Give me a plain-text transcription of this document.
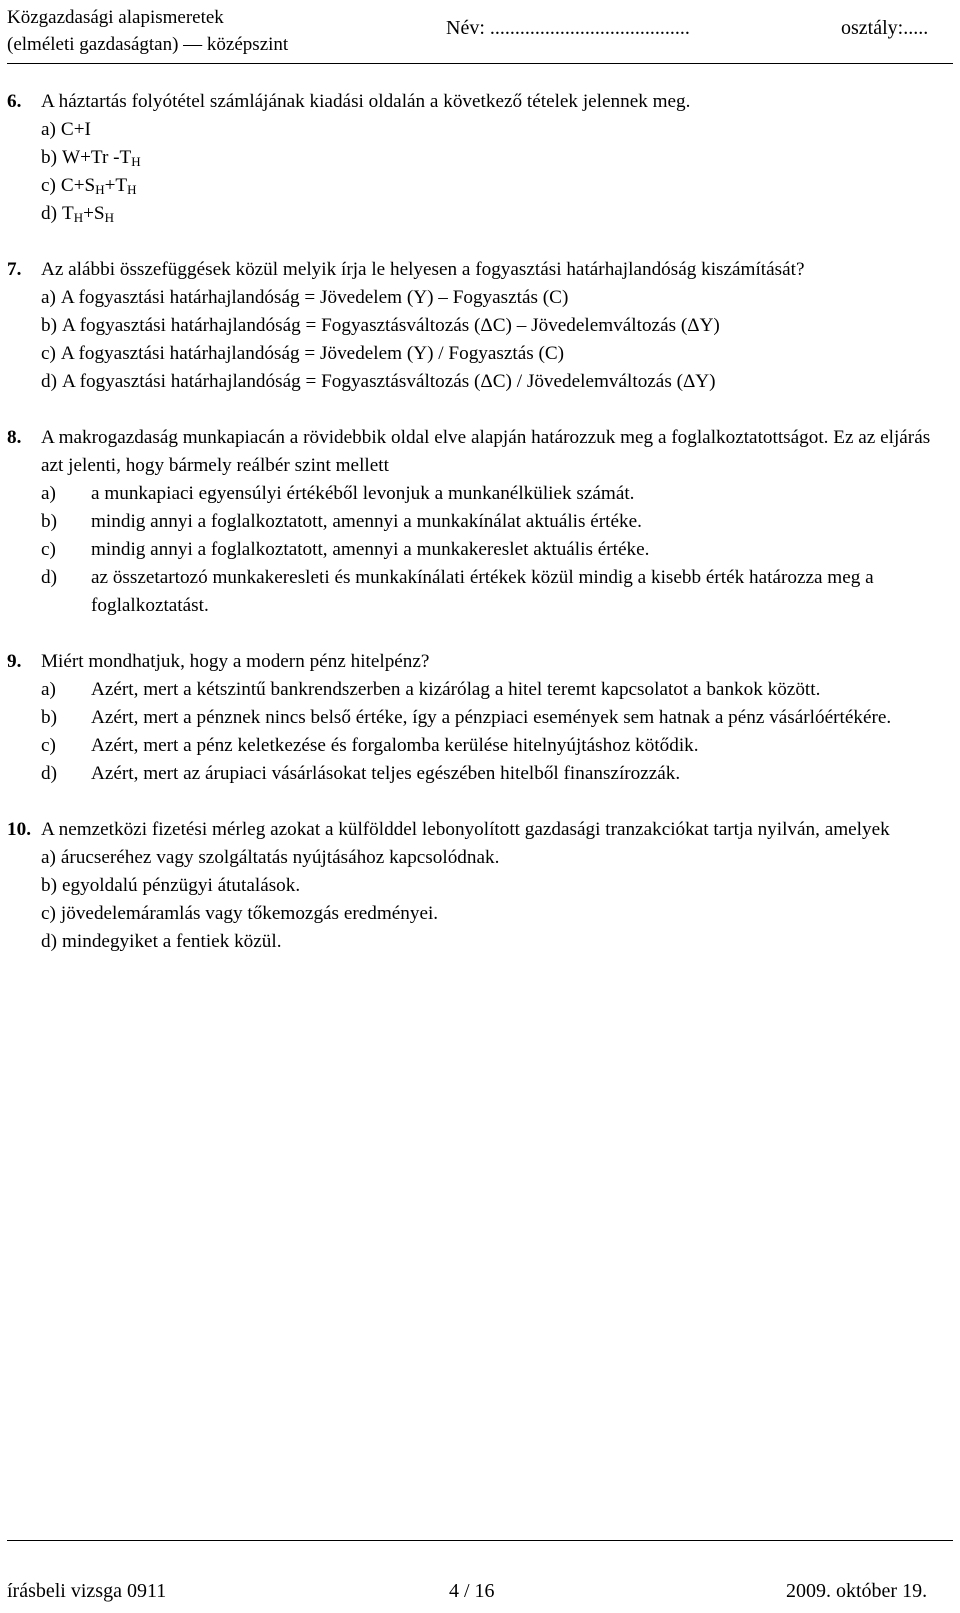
Közgazdasági alapismeretek
(elméleti gazdaságtan) — középszint
Név: ........................................	osztály:.....
6. A háztartás folyótétel számlájának kiadási oldalán a következő tételek jelennek meg.
a) C+I
b) W+Tr $-T_H$
c) $C+S_H+T_H$
d) $T_H+S_H$
7. Az alábbi összefüggések közül melyik írja le helyesen a fogyasztási határhajlandóság kiszámítását?
a) A fogyasztási határhajlandóság = Jövedelem (Y) – Fogyasztás (C)
b) A fogyasztási határhajlandóság = Fogyasztásváltozás (ΔC) – Jövedelemváltozás (ΔY)
c) A fogyasztási határhajlandóság = Jövedelem (Y) / Fogyasztás (C)
d) A fogyasztási határhajlandóság = Fogyasztásváltozás (ΔC) / Jövedelemváltozás (ΔY)
8. A makrogazdaság munkapiacán a rövidebbik oldal elve alapján határozzuk meg a foglalkoztatottságot. Ez az eljárás azt jelenti, hogy bármely reálbér szint mellett
a) a munkapiaci egyensúlyi értékéből levonjuk a munkanélküliek számát.
b) mindig annyi a foglalkoztatott, amennyi a munkakínálat aktuális értéke.
c) mindig annyi a foglalkoztatott, amennyi a munkakereslet aktuális értéke.
d) az összetartozó munkakeresleti és munkakínálati értékek közül mindig a kisebb érték határozza meg a foglalkoztatást.
9. Miért mondhatjuk, hogy a modern pénz hitelpénz?
a) Azért, mert a kétszintű bankrendszerben a kizárólag a hitel teremt kapcsolatot a bankok között.
b) Azért, mert a pénznek nincs belső értéke, így a pénzpiaci események sem hatnak a pénz vásárlóértékére.
c) Azért, mert a pénz keletkezése és forgalomba kerülése hitelnyújtáshoz kötődik.
d) Azért, mert az árupiaci vásárlásokat teljes egészében hitelből finanszírozzák.
10. A nemzetközi fizetési mérleg azokat a külfölddel lebonyolított gazdasági tranzakciókat tartja nyilván, amelyek
a) árucseréhez vagy szolgáltatás nyújtásához kapcsolódnak.
b) egyoldalú pénzügyi átutalások.
c) jövedelemáramlás vagy tőkemozgás eredményei.
d) mindegyiket a fentiek közül.
írásbeli vizsga 0911	4 / 16	2009. október 19.
